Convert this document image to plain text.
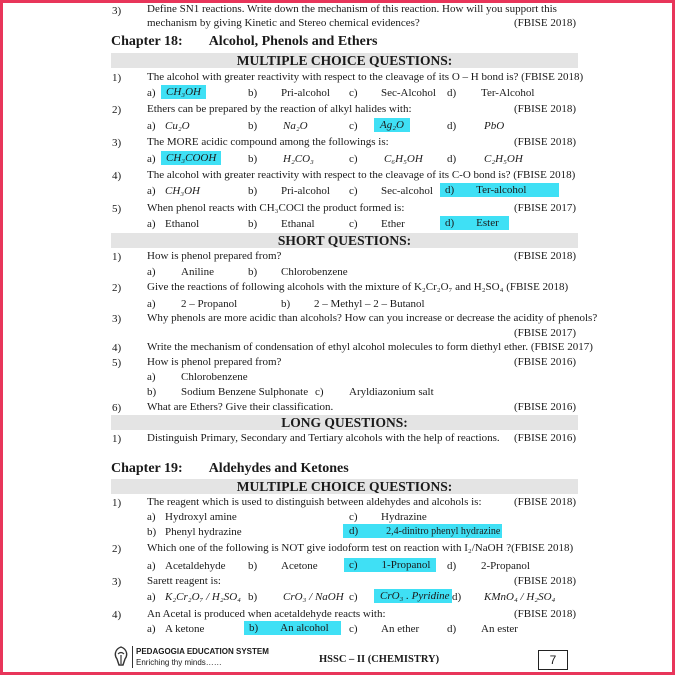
3) Define SN1 reactions. Write down the mechanism of this reaction. How will you support this
mechanism by giving Kinetic and Stereo chemical evidences?	(FBISE 2018)
Chapter 18: Alcohol, Phenols and Ethers
MULTIPLE CHOICE QUESTIONS:
1) The alcohol with greater reactivity with respect to the cleavage of its O – H bond is? (FBISE 2018)
a) CH₃OH	b) Pri-alcohol c) Sec-Alcohol d) Ter-Alcohol
2) Ethers can be prepared by the reaction of alkyl halides with:	(FBISE 2018)
a) Cu₂O	b) Na₂O	c)	Ag₂O	d)	PbO
3) The MORE acidic compound among the followings is:	(FBISE 2018)
a) CH₃COOH	b) H₂CO₃	c) C₆H₅OH d)	C₂H₅OH
4) The alcohol with greater reactivity with respect to the cleavage of its C-O bond is? (FBISE 2018)
a) CH₃OH	b) Pri-alcohol c) Sec-alcohol	d) Ter-alcohol
5) When phenol reacts with CH₃COCl the product formed is:	(FBISE 2017)
a) Ethanol	b) Ethanal	c) Ether	d) Ester
SHORT QUESTIONS:
1) How is phenol prepared from?	(FBISE 2018)
a) Aniline	b) Chlorobenzene
2) Give the reactions of following alcohols with the mixture of K₂Cr₂O₇ and H₂SO₄ (FBISE 2018)
a) 2 – Propanol	b) 2 – Methyl – 2 – Butanol
3) Why phenols are more acidic than alcohols? How can you increase or decrease the acidity of phenols?
(FBISE 2017)
4) Write the mechanism of condensation of ethyl alcohol molecules to form diethyl ether. (FBISE 2017)
5) How is phenol prepared from?	(FBISE 2016)
a) Chlorobenzene
b) Sodium Benzene Sulphonate c) Aryldiazonium salt
6) What are Ethers? Give their classification.	(FBISE 2016)
LONG QUESTIONS:
1) Distinguish Primary, Secondary and Tertiary alcohols with the help of reactions. (FBISE 2016)
Chapter 19: Aldehydes and Ketones
MULTIPLE CHOICE QUESTIONS:
1) The reagent which is used to distinguish between aldehydes and alcohols is:	(FBISE 2018)
a) Hydroxyl amine
b) Phenyl hydrazine
c) Hydrazine
d)	2,4-dinitro phenyl hydrazine
2) Which one of the following is NOT give iodoform test on reaction with I₂/NaOH ?(FBISE 2018)
a) Acetaldehyde b) Acetone	c) 1-Propanol	d) 2-Propanol
3) Sarett reagent is:	(FBISE 2018)
a) K₂Cr₂O₇ / H₂SO₄ b) CrO₃ / NaOH c)	CrO₃ . Pyridine d) KMnO₄ / H₂SO₄
4) An Acetal is produced when acetaldehyde reacts with:	(FBISE 2018)
a) A ketone	b) An alcohol	c) An ether	d) An ester
PEDAGOGIA EDUCATION SYSTEM
Enriching thy minds……	HSSC – II (CHEMISTRY)	7
